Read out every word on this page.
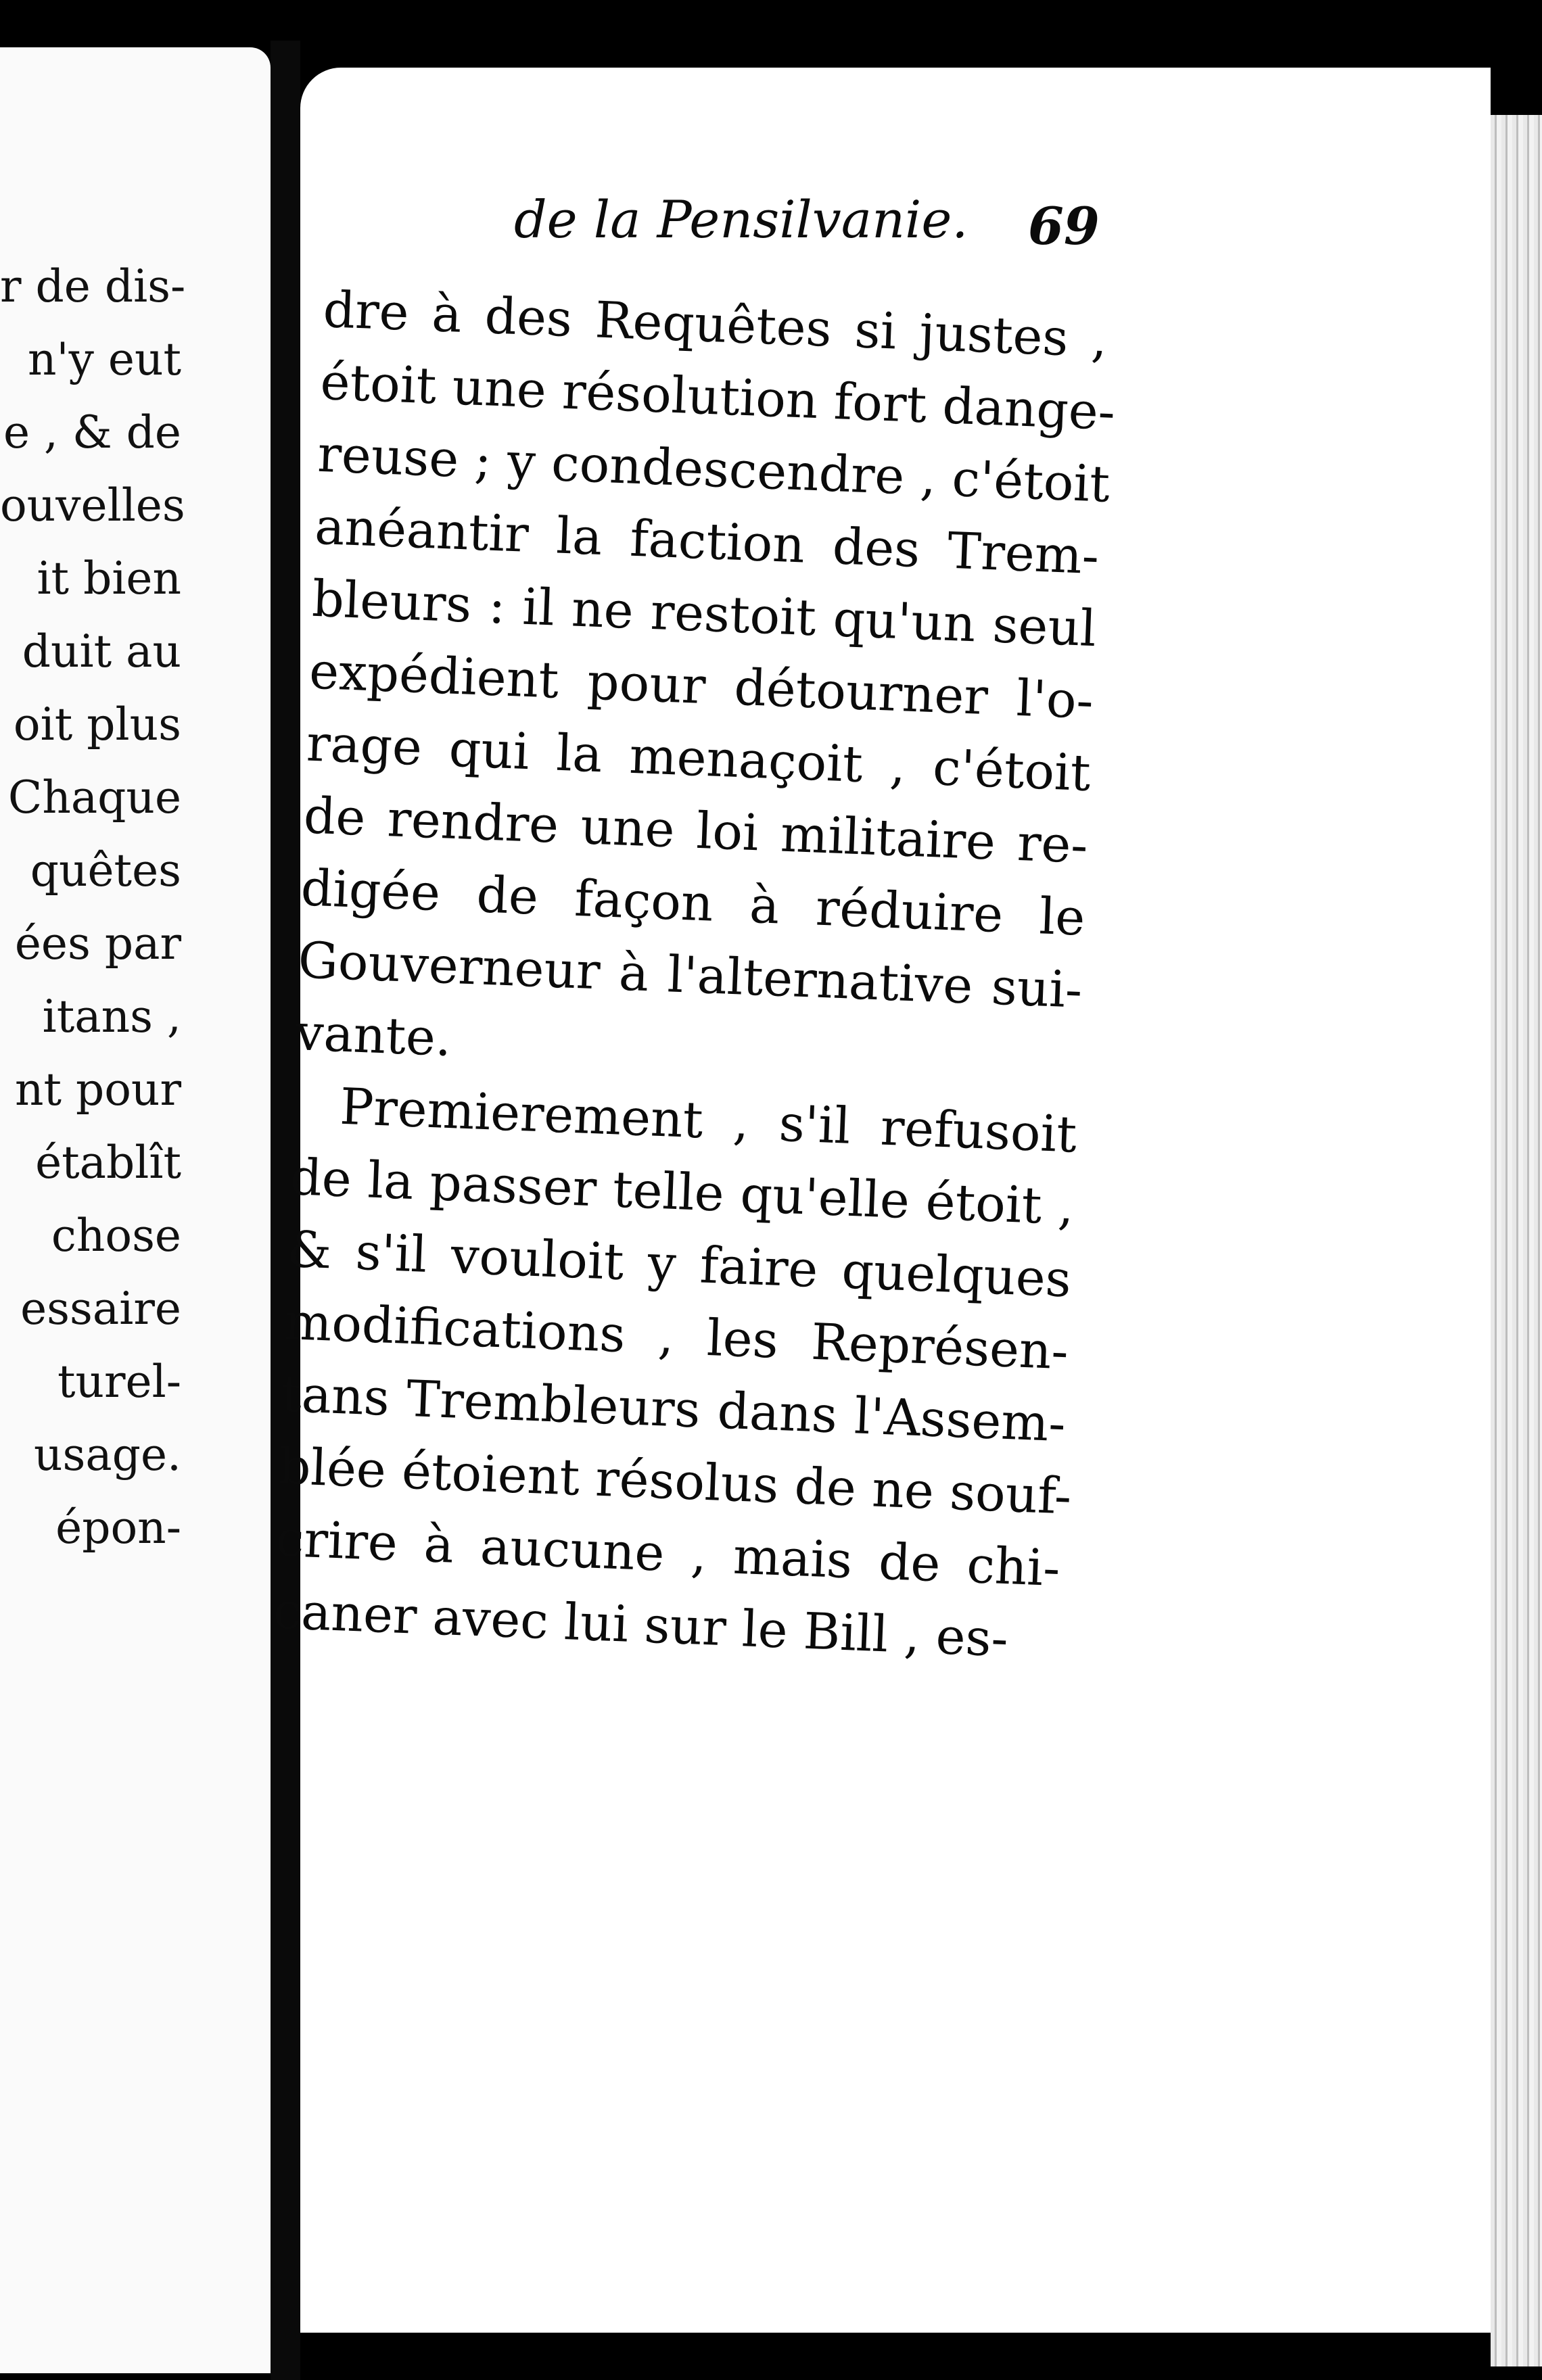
r de dis-
n'y eut
e , & de
ouvelles
it bien
duit au
oit plus
Chaque
quêtes
ées par
itans ,
nt pour
établît
chose
essaire
turel-
usage.
épon-
de la Pensilvanie. 69
dre à des Requêtes si justes ,
étoit une résolution fort dange-
reuse ; y condescendre , c'étoit
anéantir la faction des Trem-
bleurs : il ne restoit qu'un seul
expédient pour détourner l'o-
rage qui la menaçoit , c'étoit
de rendre une loi militaire re-
digée de façon à réduire le
Gouverneur à l'alternative sui-
vante.
Premierement , s'il refusoit
de la passer telle qu'elle étoit ,
& s'il vouloit y faire quelques
modifications , les Représen-
tans Trembleurs dans l'Assem-
blée étoient résolus de ne souf-
crire à aucune , mais de chi-
caner avec lui sur le Bill , es-
